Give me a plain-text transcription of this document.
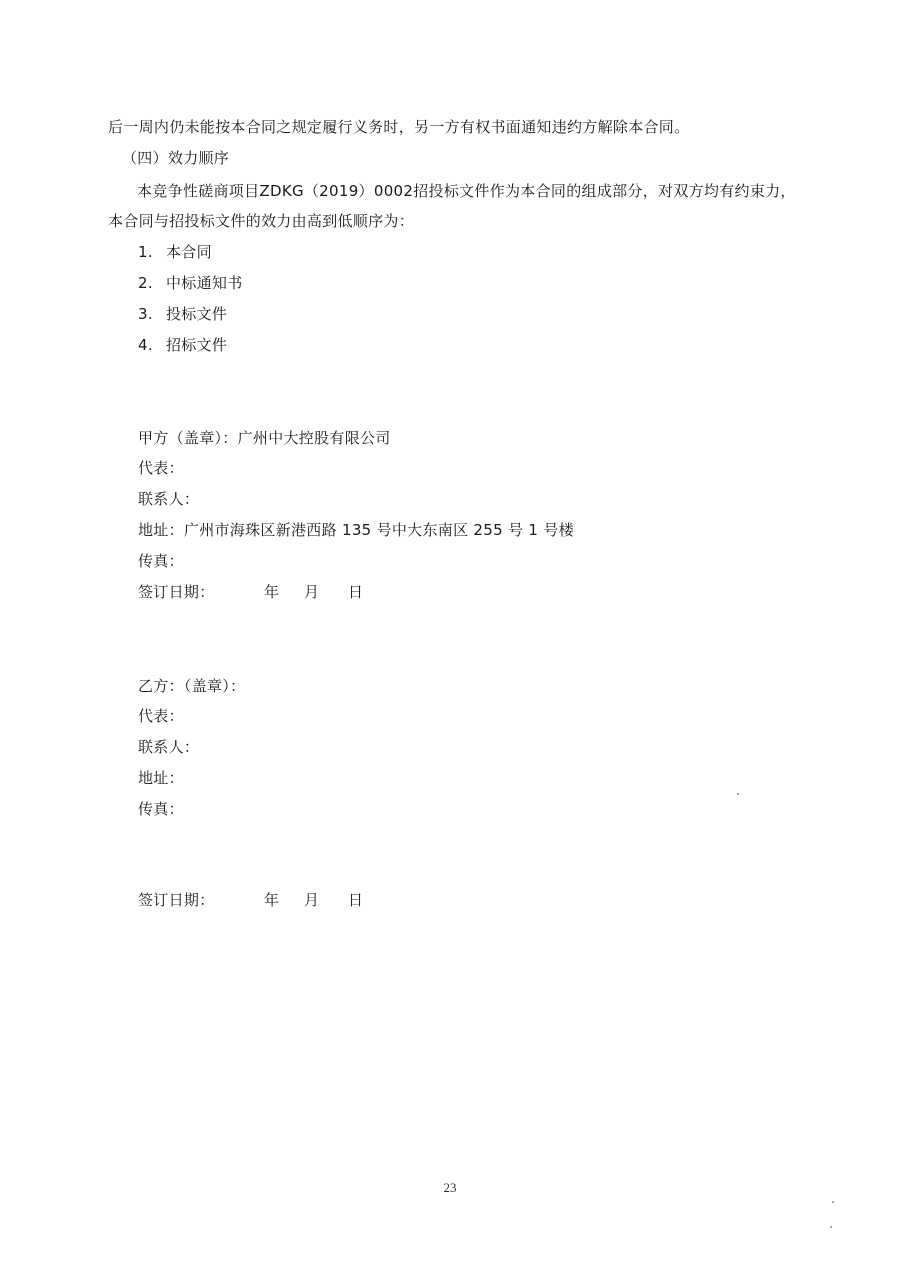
后一周内仍未能按本合同之规定履行义务时，另一方有权书面通知违约方解除本合同。
（四）效力顺序
本竞争性磋商项目ZDKG（2019）0002招投标文件作为本合同的组成部分，对双方均有约束力，
本合同与招投标文件的效力由高到低顺序为：
1. 本合同
2. 中标通知书
3. 投标文件
4. 招标文件
甲方（盖章）：广州中大控股有限公司
代表：
联系人：
地址：广州市海珠区新港西路 135 号中大东南区 255 号 1 号楼
传真：
签订日期：	年 月 日
乙方：（盖章）：
代表：
联系人：
地址：
传真：
签订日期：	年 月 日
23
